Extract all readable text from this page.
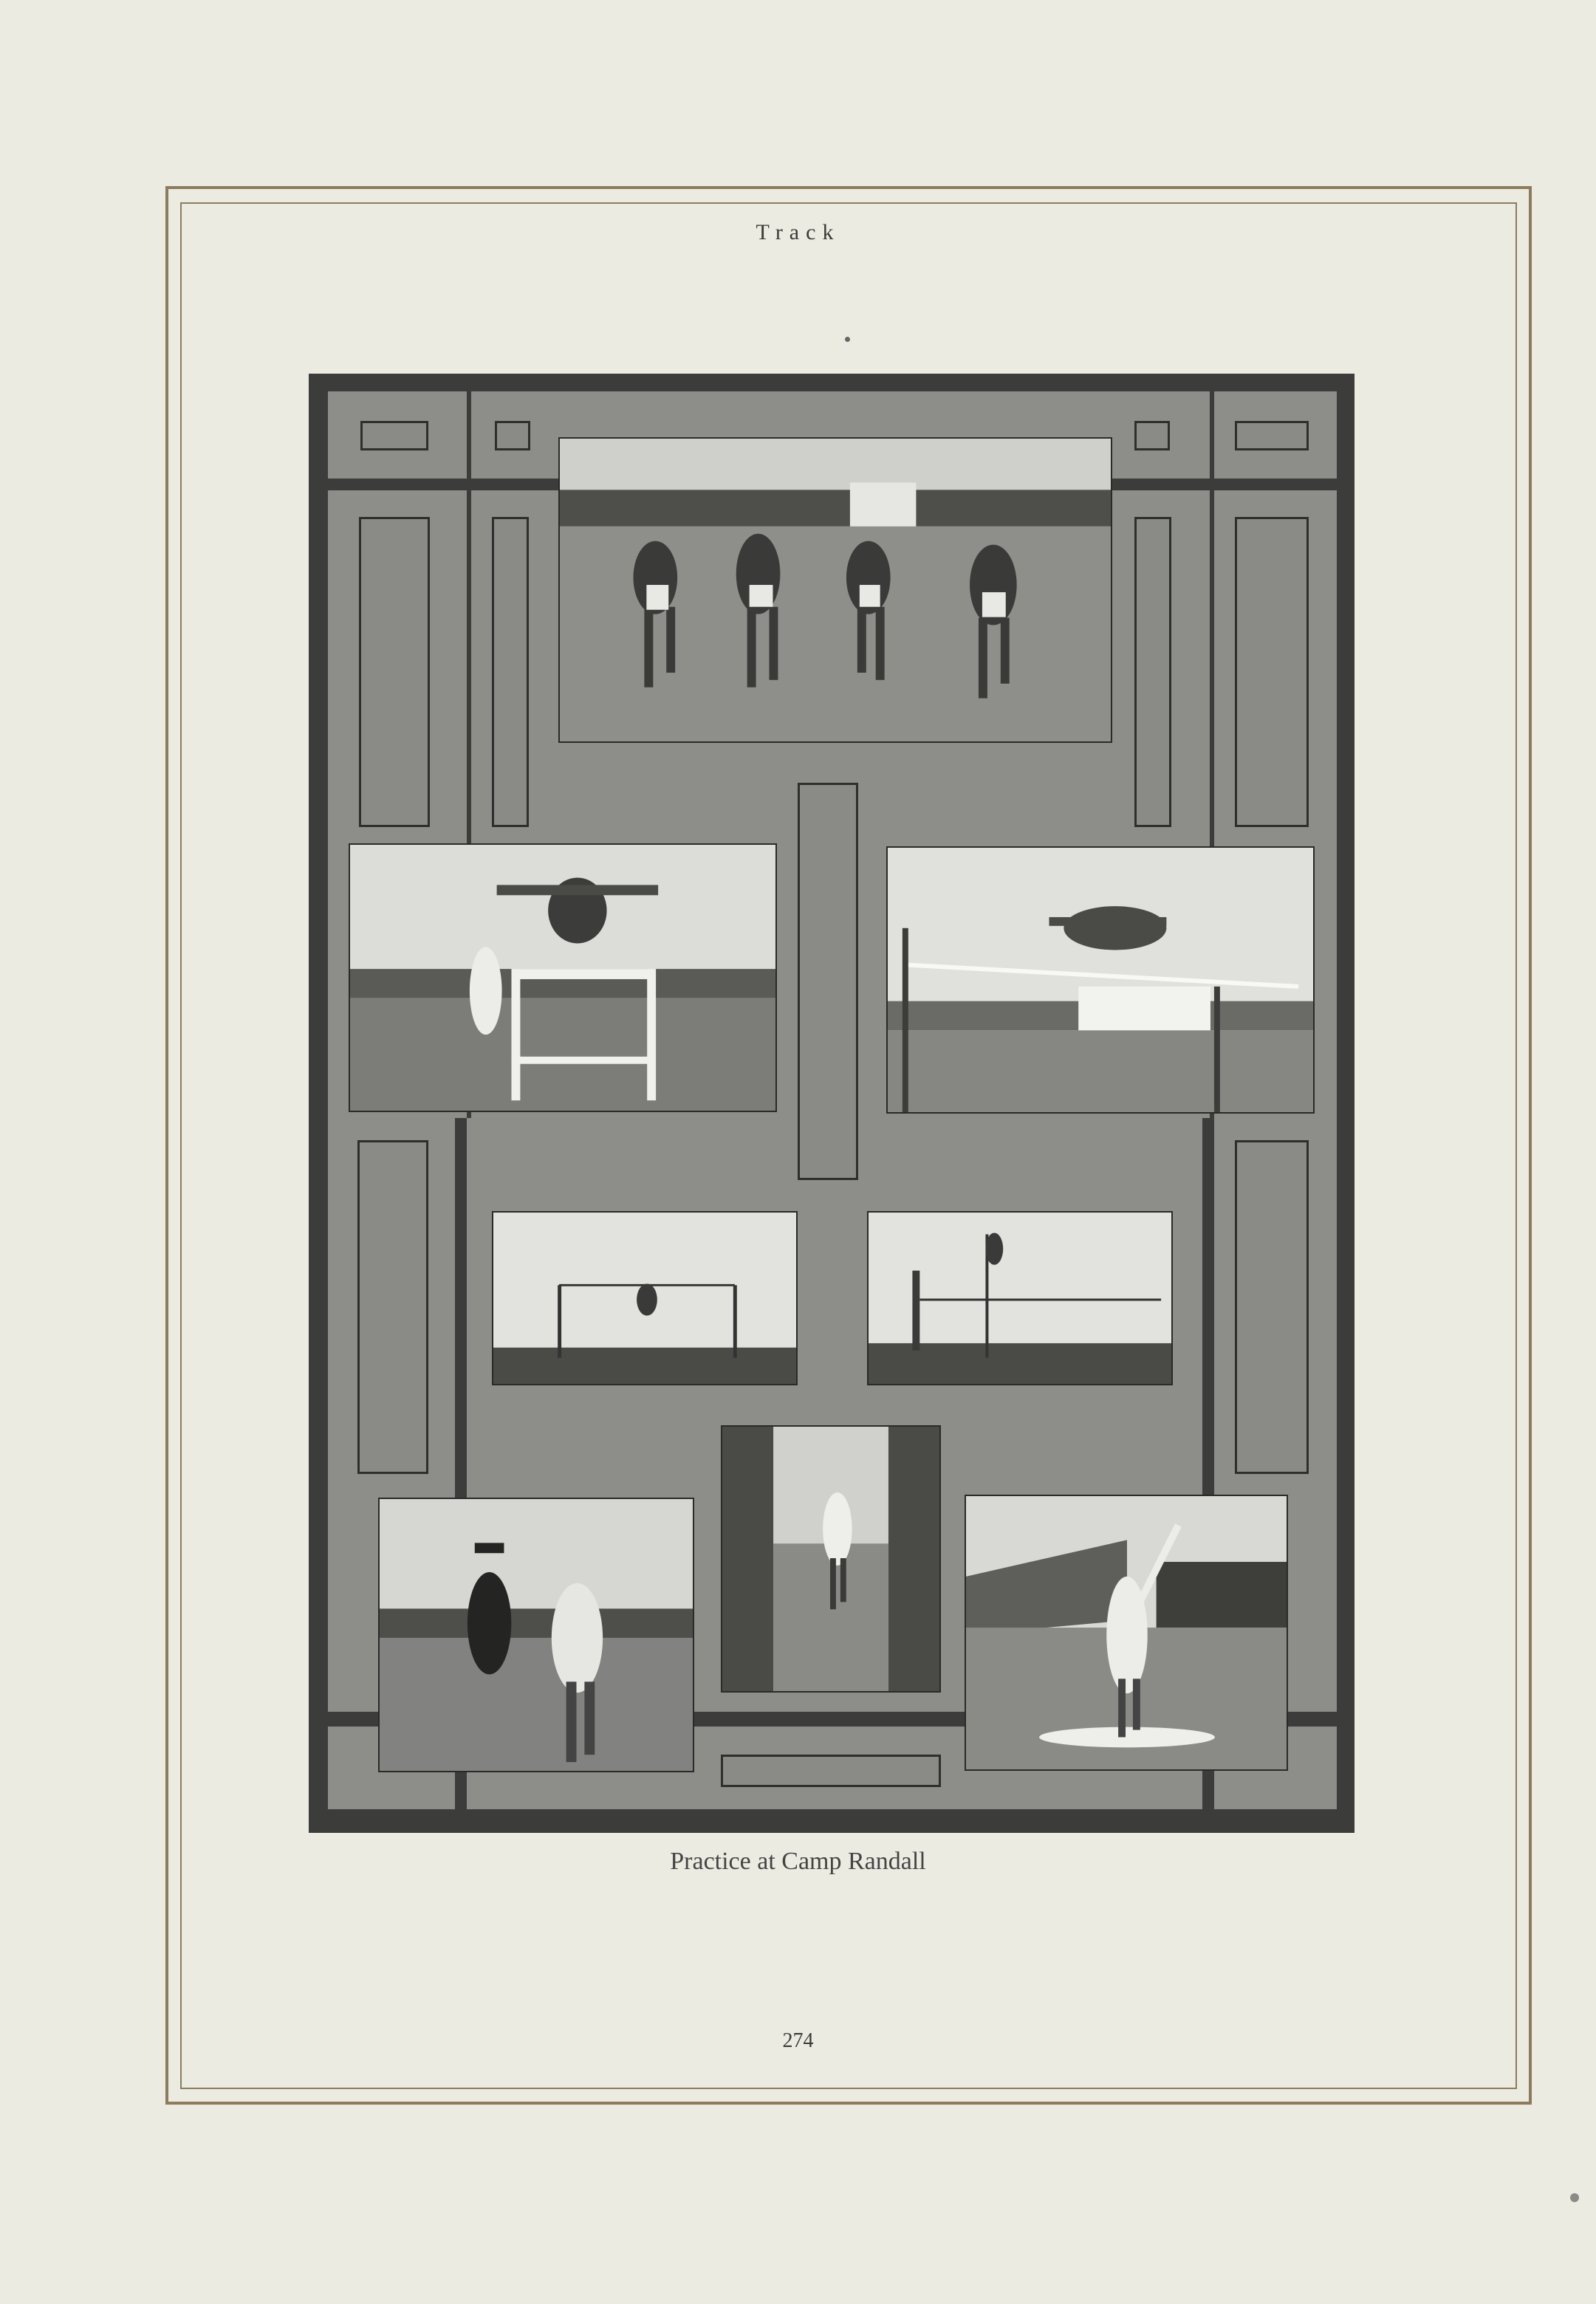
Track
Practice at Camp Randall
274
